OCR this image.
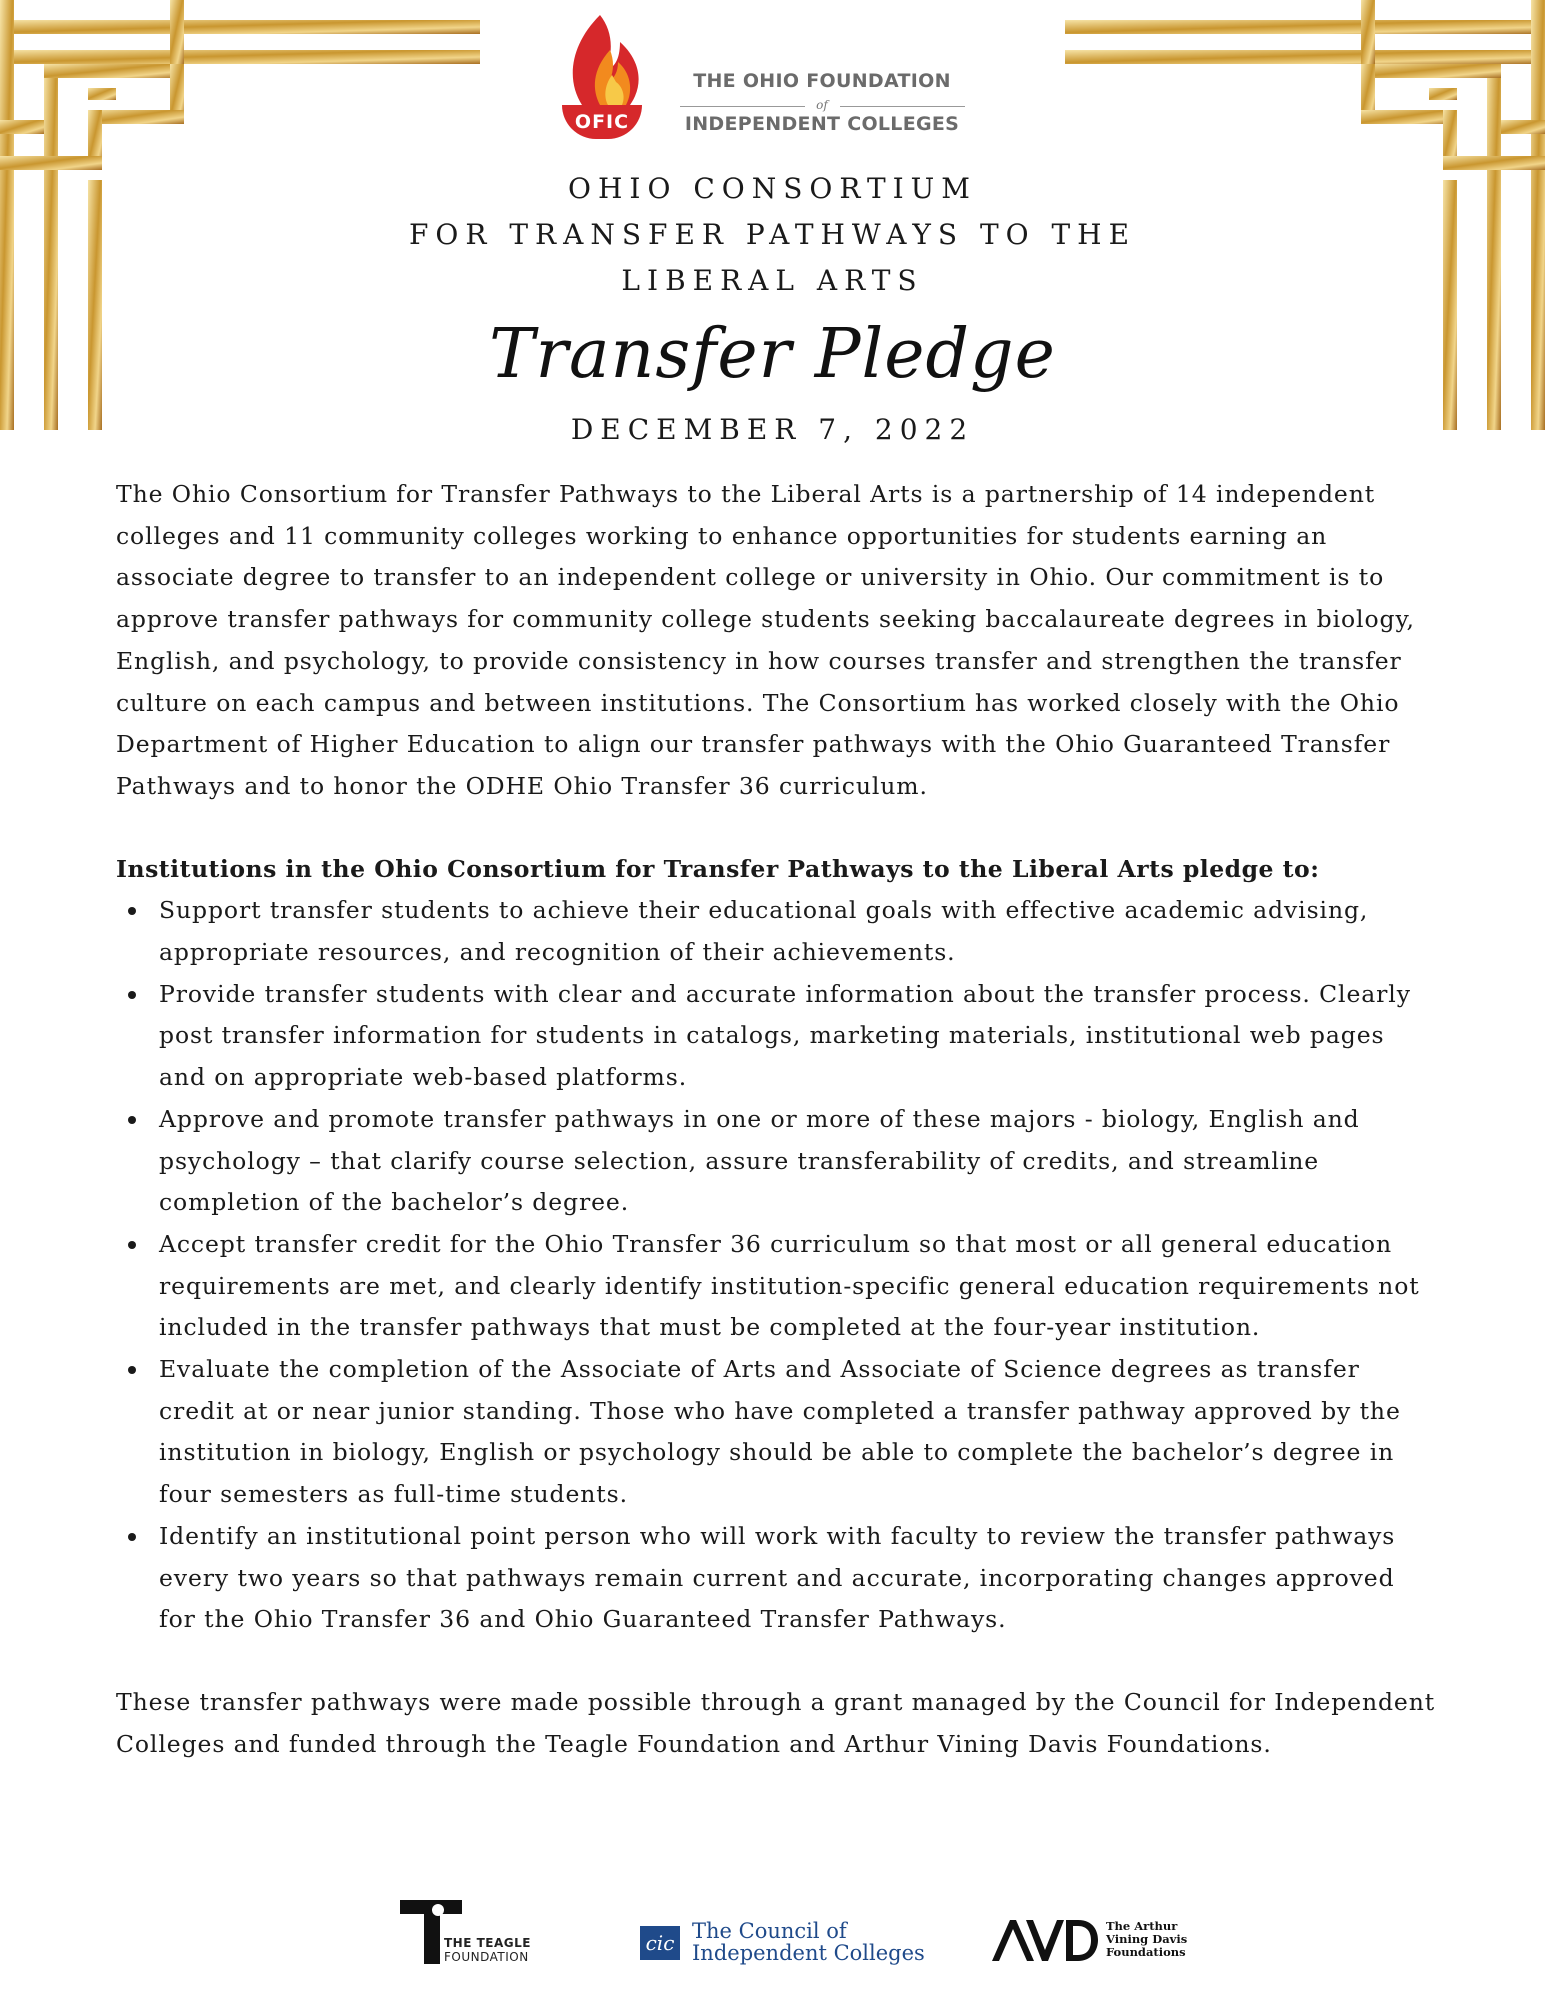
OFIC
THE OHIO FOUNDATION
of
INDEPENDENT COLLEGES
OHIO CONSORTIUM
FOR TRANSFER PATHWAYS TO THE
LIBERAL ARTS
Transfer Pledge
DECEMBER 7, 2022

The Ohio Consortium for Transfer Pathways to the Liberal Arts is a partnership of 14 independent colleges and 11 community colleges working to enhance opportunities for students earning an associate degree to transfer to an independent college or university in Ohio. Our commitment is to approve transfer pathways for community college students seeking baccalaureate degrees in biology, English, and psychology, to provide consistency in how courses transfer and strengthen the transfer culture on each campus and between institutions. The Consortium has worked closely with the Ohio Department of Higher Education to align our transfer pathways with the Ohio Guaranteed Transfer Pathways and to honor the ODHE Ohio Transfer 36 curriculum.

Institutions in the Ohio Consortium for Transfer Pathways to the Liberal Arts pledge to:

Support transfer students to achieve their educational goals with effective academic advising, appropriate resources, and recognition of their achievements.
Provide transfer students with clear and accurate information about the transfer process. Clearly post transfer information for students in catalogs, marketing materials, institutional web pages and on appropriate web-based platforms.
Approve and promote transfer pathways in one or more of these majors - biology, English and psychology – that clarify course selection, assure transferability of credits, and streamline completion of the bachelor’s degree.
Accept transfer credit for the Ohio Transfer 36 curriculum so that most or all general education requirements are met, and clearly identify institution-specific general education requirements not included in the transfer pathways that must be completed at the four-year institution.
Evaluate the completion of the Associate of Arts and Associate of Science degrees as transfer credit at or near junior standing. Those who have completed a transfer pathway approved by the institution in biology, English or psychology should be able to complete the bachelor’s degree in four semesters as full-time students.
Identify an institutional point person who will work with faculty to review the transfer pathways every two years so that pathways remain current and accurate, incorporating changes approved for the Ohio Transfer 36 and Ohio Guaranteed Transfer Pathways.

These transfer pathways were made possible through a grant managed by the Council for Independent Colleges and funded through the Teagle Foundation and Arthur Vining Davis Foundations.

THE TEAGLE
FOUNDATION
cic The Council of
Independent Colleges
The Arthur
Vining Davis
Foundations
